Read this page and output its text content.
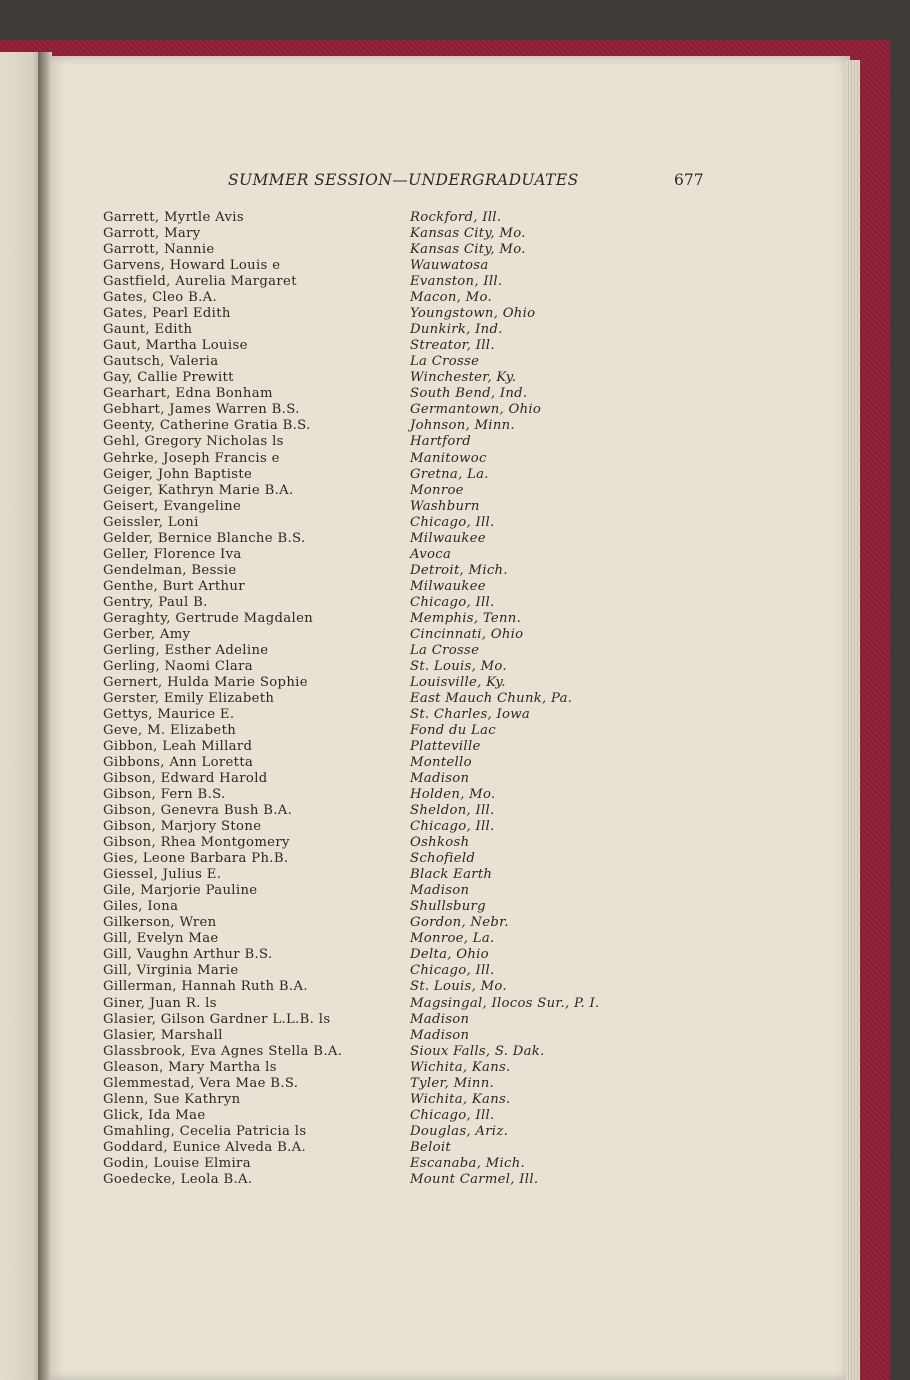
SUMMER SESSION—UNDERGRADUATES	677
Garrett, Myrtle Avis	Rockford, Ill.
Garrott, Mary	Kansas City, Mo.
Garrott, Nannie	Kansas City, Mo.
Garvens, Howard Louis e	Wauwatosa
Gastfield, Aurelia Margaret	Evanston, Ill.
Gates, Cleo B.A.	Macon, Mo.
Gates, Pearl Edith	Youngstown, Ohio
Gaunt, Edith	Dunkirk, Ind.
Gaut, Martha Louise	Streator, Ill.
Gautsch, Valeria	La Crosse
Gay, Callie Prewitt	Winchester, Ky.
Gearhart, Edna Bonham	South Bend, Ind.
Gebhart, James Warren B.S.	Germantown, Ohio
Geenty, Catherine Gratia B.S.	Johnson, Minn.
Gehl, Gregory Nicholas ls	Hartford
Gehrke, Joseph Francis e	Manitowoc
Geiger, John Baptiste	Gretna, La.
Geiger, Kathryn Marie B.A.	Monroe
Geisert, Evangeline	Washburn
Geissler, Loni	Chicago, Ill.
Gelder, Bernice Blanche B.S.	Milwaukee
Geller, Florence Iva	Avoca
Gendelman, Bessie	Detroit, Mich.
Genthe, Burt Arthur	Milwaukee
Gentry, Paul B.	Chicago, Ill.
Geraghty, Gertrude Magdalen	Memphis, Tenn.
Gerber, Amy	Cincinnati, Ohio
Gerling, Esther Adeline	La Crosse
Gerling, Naomi Clara	St. Louis, Mo.
Gernert, Hulda Marie Sophie	Louisville, Ky.
Gerster, Emily Elizabeth	East Mauch Chunk, Pa.
Gettys, Maurice E.	St. Charles, Iowa
Geve, M. Elizabeth	Fond du Lac
Gibbon, Leah Millard	Platteville
Gibbons, Ann Loretta	Montello
Gibson, Edward Harold	Madison
Gibson, Fern B.S.	Holden, Mo.
Gibson, Genevra Bush B.A.	Sheldon, Ill.
Gibson, Marjory Stone	Chicago, Ill.
Gibson, Rhea Montgomery	Oshkosh
Gies, Leone Barbara Ph.B.	Schofield
Giessel, Julius E.	Black Earth
Gile, Marjorie Pauline	Madison
Giles, Iona	Shullsburg
Gilkerson, Wren	Gordon, Nebr.
Gill, Evelyn Mae	Monroe, La.
Gill, Vaughn Arthur B.S.	Delta, Ohio
Gill, Virginia Marie	Chicago, Ill.
Gillerman, Hannah Ruth B.A.	St. Louis, Mo.
Giner, Juan R. ls	Magsingal, Ilocos Sur., P. I.
Glasier, Gilson Gardner L.L.B. ls	Madison
Glasier, Marshall	Madison
Glassbrook, Eva Agnes Stella B.A.	Sioux Falls, S. Dak.
Gleason, Mary Martha ls	Wichita, Kans.
Glemmestad, Vera Mae B.S.	Tyler, Minn.
Glenn, Sue Kathryn	Wichita, Kans.
Glick, Ida Mae	Chicago, Ill.
Gmahling, Cecelia Patricia ls	Douglas, Ariz.
Goddard, Eunice Alveda B.A.	Beloit
Godin, Louise Elmira	Escanaba, Mich.
Goedecke, Leola B.A.	Mount Carmel, Ill.
